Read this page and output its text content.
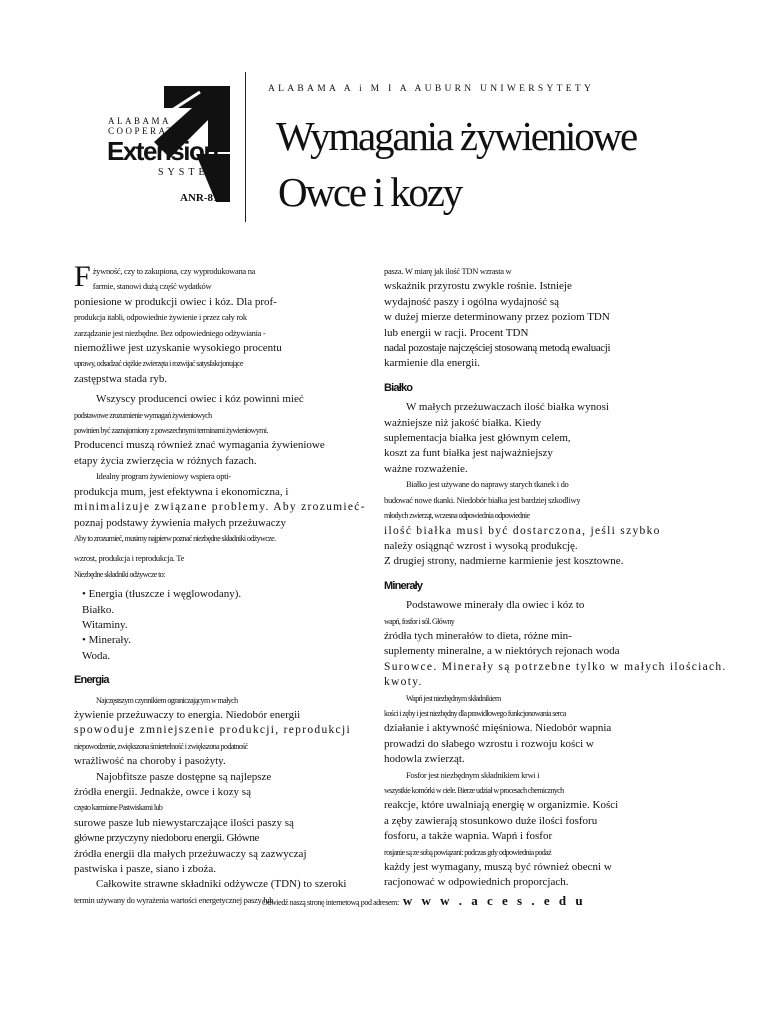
ALABAMA
COOPERATIVE
Extension
SYSTEM
ANR-812
ALABAMA A i M I A AUBURN UNIWERSYTETY
Wymagania żywieniowe
Owce i kozy
F żywność, czy to zakupiona, czy wyprodukowana na
farmie, stanowi dużą część wydatków
poniesione w produkcji owiec i kóz. Dla prof-
produkcja itabli, odpowiednie żywienie i przez cały rok
zarządzanie jest niezbędne. Bez odpowiedniego odżywiania -
niemożliwe jest uzyskanie wysokiego procentu
uprawy, odsadzać ciężkie zwierzęta i rozwijać satysfakcjonujące
zastępstwa stada ryb.
Wszyscy producenci owiec i kóz powinni mieć
podstawowe zrozumienie wymagań żywieniowych
powinien być zaznajomiony z powszechnymi terminami żywieniowymi.
Producenci muszą również znać wymagania żywieniowe
etapy życia zwierzęcia w różnych fazach.
Idealny program żywieniowy wspiera opti-
produkcja mum, jest efektywna i ekonomiczna, i
minimalizuje związane problemy. Aby zrozumieć-
poznaj podstawy żywienia małych przeżuwaczy
Aby to zrozumieć, musimy najpierw poznać niezbędne składniki odżywcze.
wzrost, produkcja i reprodukcja. Te
Niezbędne składniki odżywcze to:
• Energia (tłuszcze i węglowodany).
Białko.
Witaminy.
• Minerały.
Woda.
Energia
Najczęstszym czynnikiem ograniczającym w małych
żywienie przeżuwaczy to energia. Niedobór energii
spowoduje zmniejszenie produkcji, reprodukcji
niepowodzenie, zwiększona śmiertelność i zwiększona podatność
wrażliwość na choroby i pasożyty.
Najobfitsze pasze dostępne są najlepsze
źródła energii. Jednakże, owce i kozy są
często karmione Pastwiskami lub
surowe pasze lub niewystarczające ilości paszy są
główne przyczyny niedoboru energii. Główne
źródła energii dla małych przeżuwaczy są zazwyczaj
pastwiska i pasze, siano i zboża.
Całkowite strawne składniki odżywcze (TDN) to szeroki
termin używany do wyrażenia wartości energetycznej paszy lub
pasza. W miarę jak ilość TDN wzrasta w
wskaźnik przyrostu zwykle rośnie. Istnieje
wydajność paszy i ogólna wydajność są
w dużej mierze determinowany przez poziom TDN
lub energii w racji. Procent TDN
nadal pozostaje najczęściej stosowaną metodą ewaluacji
karmienie dla energii.
Białko
W małych przeżuwaczach ilość białka wynosi
ważniejsze niż jakość białka. Kiedy
suplementacja białka jest głównym celem,
koszt za funt białka jest najważniejszy
ważne rozważenie.
Białko jest używane do naprawy starych tkanek i do
budować nowe tkanki. Niedobór białka jest bardziej szkodliwy
młodych zwierząt, wczesna odpowiednia odpowiednie
ilość białka musi być dostarczona, jeśli szybko
należy osiągnąć wzrost i wysoką produkcję.
Z drugiej strony, nadmierne karmienie jest kosztowne.
Minerały
Podstawowe minerały dla owiec i kóz to
wapń, fosfor i sól. Główny
źródła tych minerałów to dieta, różne min-
suplementy mineralne, a w niektórych rejonach woda
Surowce. Minerały są potrzebne tylko w małych ilościach.
kwoty.
Wapń jest niezbędnym składnikiem
kości i zęby i jest niezbędny dla prawidłowego funkcjonowania serca
działanie i aktywność mięśniowa. Niedobór wapnia
prowadzi do słabego wzrostu i rozwoju kości w
hodowla zwierząt.
Fosfor jest niezbędnym składnikiem krwi i
wszystkie komórki w ciele. Bierze udział w procesach chemicznych
reakcje, które uwalniają energię w organizmie. Kości
a zęby zawierają stosunkowo duże ilości fosforu
fosforu, a także wapnia. Wapń i fosfor
rosjanie są ze sobą powiązani: podczas gdy odpowiednia podaż
każdy jest wymagany, muszą być również obecni w
racjonować w odpowiednich proporcjach.
Odwiedź naszą stronę internetową pod adresem: w w w . a c e s . e d u
